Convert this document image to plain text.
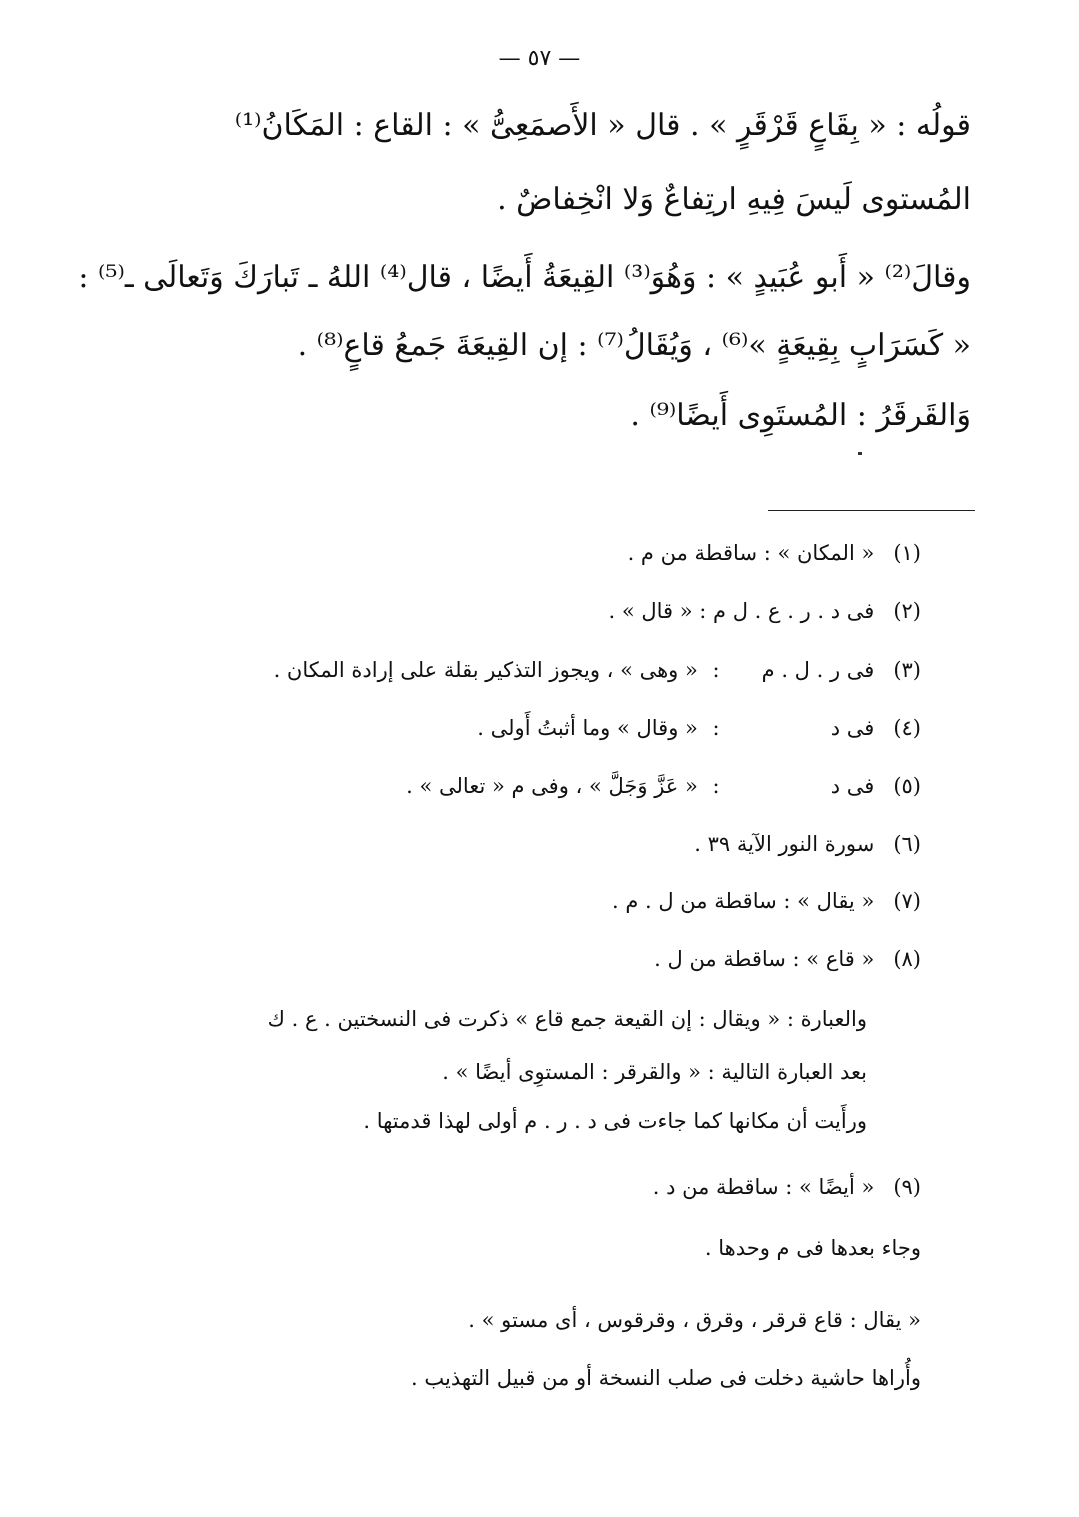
— ٥٧ —
قولُه : « بِقَاعٍ قَرْقَرٍ » . قال « الأَصمَعِىُّ » : القاع : المَكَانُ⁽¹⁾
المُستوى لَيسَ فِيهِ ارتِفاعٌ وَلا انْخِفاضٌ .
وقالَ⁽²⁾ « أَبو عُبَيدٍ » : وَهُوَ⁽³⁾ القِيعَةُ أَيضًا ، قال⁽⁴⁾ اللهُ ـ تَبارَكَ وَتَعالَى ـ⁽⁵⁾ :
« كَسَرَابٍ بِقِيعَةٍ »⁽⁶⁾ ، وَيُقَالُ⁽⁷⁾ : إن القِيعَةَ جَمعُ قاعٍ⁽⁸⁾ .
وَالقَرقَرُ : المُستَوِى أَيضًا⁽⁹⁾ .
(١) « المكان » : ساقطة من م .
(٢) فى د . ر . ع . ل م : « قال » .
(٣) فى ر . ل . م : « وهى » ، ويجوز التذكير بقلة على إرادة المكان .
(٤) فى د : « وقال » وما أثبتُ أَولى .
(٥) فى د : « عَزَّ وَجَلَّ » ، وفى م « تعالى » .
(٦) سورة النور الآية ٣٩ .
(٧) « يقال » : ساقطة من ل . م .
(٨) « قاع » : ساقطة من ل .
والعبارة : « ويقال : إن القيعة جمع قاع » ذكرت فى النسختين . ع . ك
بعد العبارة التالية : « والقرقر : المستوِى أيضًا » .
ورأَيت أن مكانها كما جاءت فى د . ر . م أولى لهذا قدمتها .
(٩) « أيضًا » : ساقطة من د .
وجاء بعدها فى م وحدها .
« يقال : قاع قرقر ، وقرق ، وقرقوس ، أى مستو » .
وأُراها حاشية دخلت فى صلب النسخة أو من قبيل التهذيب .
